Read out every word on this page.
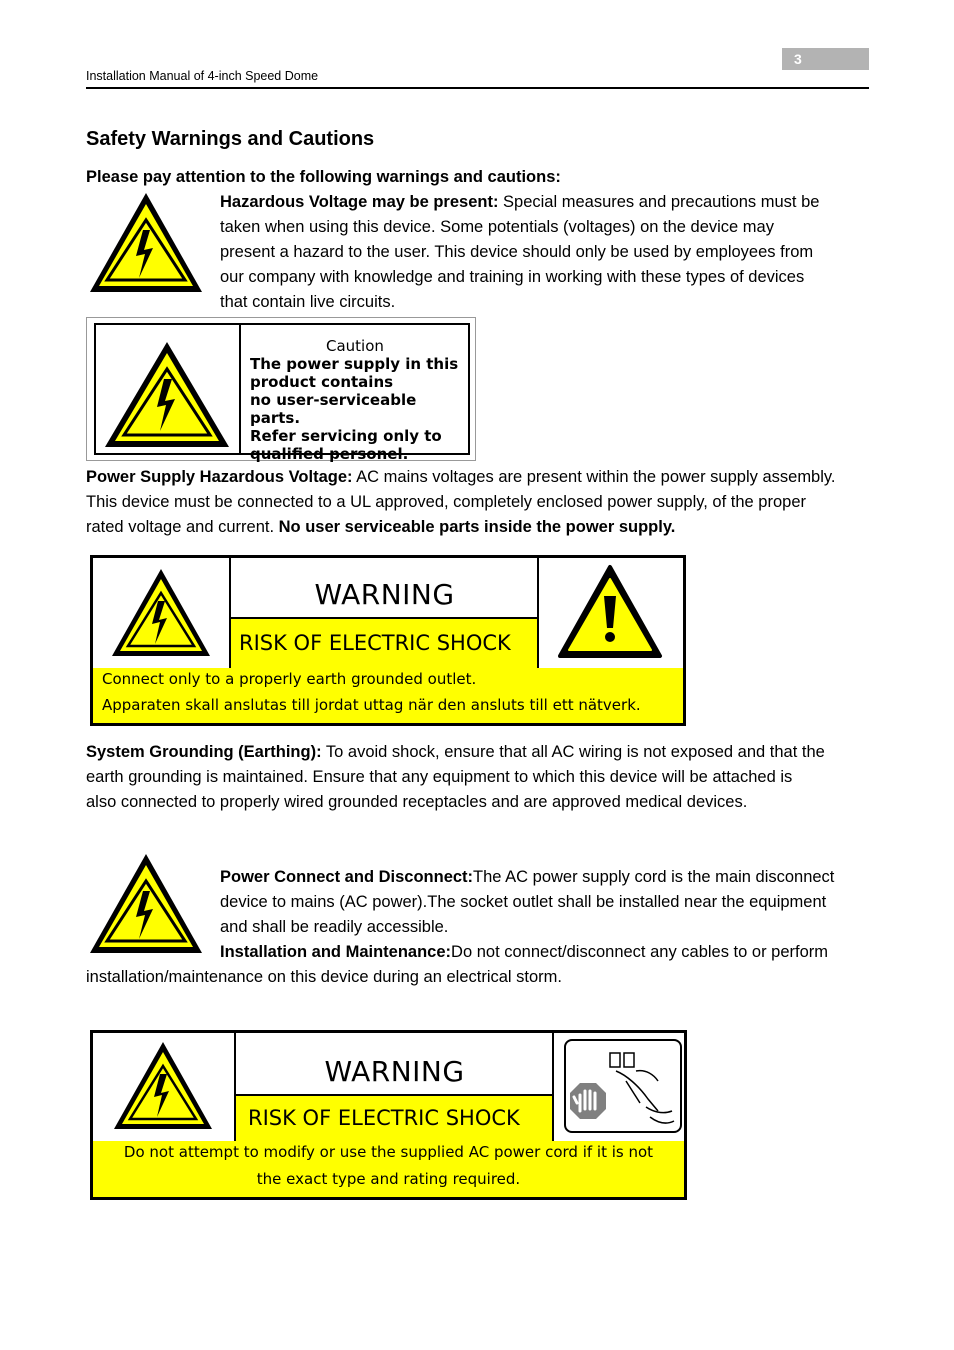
3
Installation Manual of 4-inch Speed Dome
Safety Warnings and Cautions
Please pay attention to the following warnings and cautions:
Hazardous Voltage may be present: Special measures and precautions must be
taken when using this device. Some potentials (voltages) on the device may
present a hazard to the user. This device should only be used by employees from
our company with knowledge and training in working with these types of devices
that contain live circuits.
Caution
The power supply in this
product contains
no user-serviceable parts.
Refer servicing only to
qualified personel.
Power Supply Hazardous Voltage: AC mains voltages are present within the power supply assembly.
This device must be connected to a UL approved, completely enclosed power supply, of the proper
rated voltage and current. No user serviceable parts inside the power supply.
WARNING
RISK OF ELECTRIC SHOCK
Connect only to a properly earth grounded outlet.
Apparaten skall anslutas till jordat uttag när den ansluts till ett nätverk.
System Grounding (Earthing): To avoid shock, ensure that all AC wiring is not exposed and that the
earth grounding is maintained. Ensure that any equipment to which this device will be attached is
also connected to properly wired grounded receptacles and are approved medical devices.
Power Connect and Disconnect:The AC power supply cord is the main disconnect
device to mains (AC power).The socket outlet shall be installed near the equipment
and shall be readily accessible.
Installation and Maintenance:Do not connect/disconnect any cables to or perform
installation/maintenance on this device during an electrical storm.
WARNING
RISK OF ELECTRIC SHOCK
Do not attempt to modify or use the supplied AC power cord if it is not
the exact type and rating required.
